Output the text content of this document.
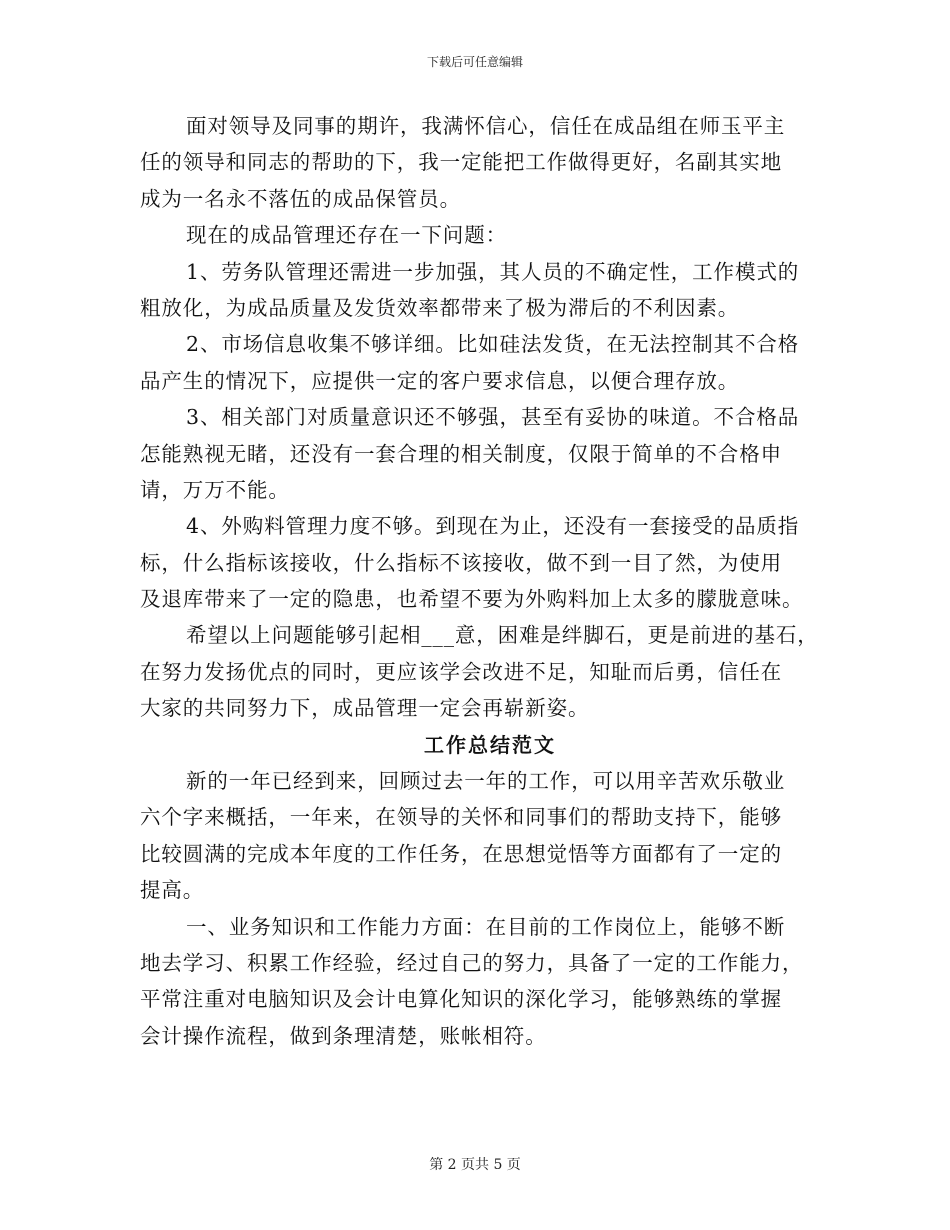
下载后可任意编辑
面对领导及同事的期许，我满怀信心，信任在成品组在师玉平主
任的领导和同志的帮助的下，我一定能把工作做得更好，名副其实地
成为一名永不落伍的成品保管员。
现在的成品管理还存在一下问题：
1、劳务队管理还需进一步加强，其人员的不确定性，工作模式的
粗放化，为成品质量及发货效率都带来了极为滞后的不利因素。
2、市场信息收集不够详细。比如硅法发货，在无法控制其不合格
品产生的情况下，应提供一定的客户要求信息，以便合理存放。
3、相关部门对质量意识还不够强，甚至有妥协的味道。不合格品
怎能熟视无睹，还没有一套合理的相关制度，仅限于简单的不合格申
请，万万不能。
4、外购料管理力度不够。到现在为止，还没有一套接受的品质指
标，什么指标该接收，什么指标不该接收，做不到一目了然，为使用
及退库带来了一定的隐患，也希望不要为外购料加上太多的朦胧意味。
希望以上问题能够引起相___意，困难是绊脚石，更是前进的基石，
在努力发扬优点的同时，更应该学会改进不足，知耻而后勇，信任在
大家的共同努力下，成品管理一定会再崭新姿。
工作总结范文
新的一年已经到来，回顾过去一年的工作，可以用辛苦欢乐敬业
六个字来概括，一年来，在领导的关怀和同事们的帮助支持下，能够
比较圆满的完成本年度的工作任务，在思想觉悟等方面都有了一定的
提高。
一、业务知识和工作能力方面：在目前的工作岗位上，能够不断
地去学习、积累工作经验，经过自己的努力，具备了一定的工作能力，
平常注重对电脑知识及会计电算化知识的深化学习，能够熟练的掌握
会计操作流程，做到条理清楚，账帐相符。
第 2 页共 5 页
